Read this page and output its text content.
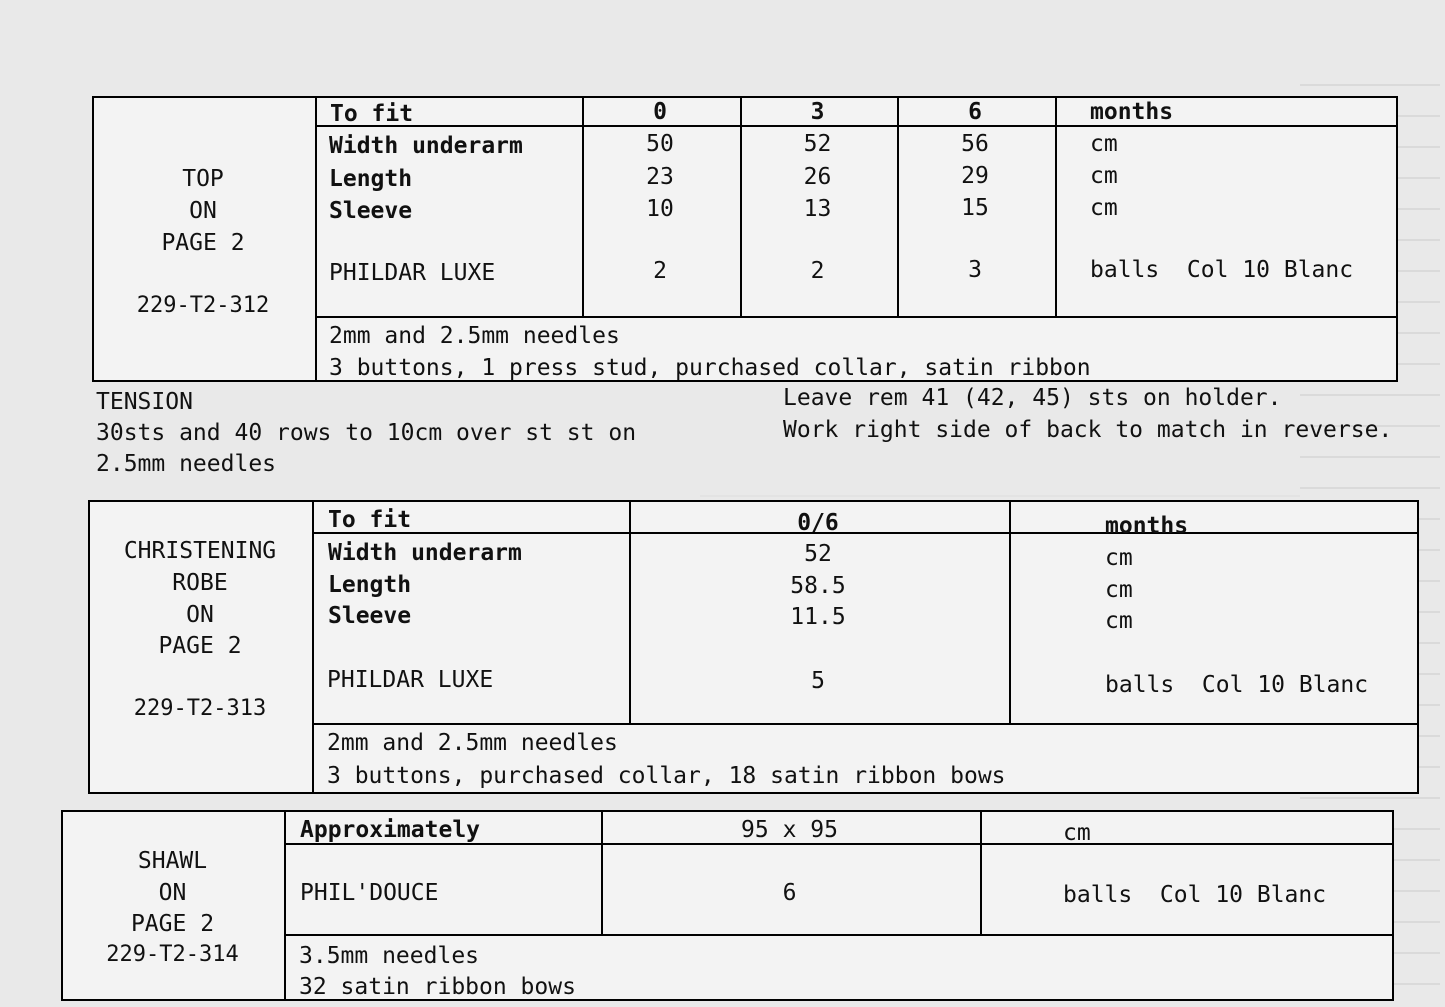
TOP
ON
PAGE 2
229-T2-312
To fit	0	3	6	months
Width underarm	50	52	56	cm
Length	23	26	29	cm
Sleeve	10	13	15	cm
PHILDAR LUXE	2	2	3	balls  Col 10 Blanc
2mm and 2.5mm needles
3 buttons, 1 press stud, purchased collar, satin ribbon
TENSION
30sts and 40 rows to 10cm over st st on
2.5mm needles
Leave rem 41 (42, 45) sts on holder.
Work right side of back to match in reverse.
CHRISTENING
ROBE
ON
PAGE 2
229-T2-313
To fit	0/6	months
Width underarm	52	cm
Length	58.5	cm
Sleeve	11.5	cm
PHILDAR LUXE	5	balls  Col 10 Blanc
2mm and 2.5mm needles
3 buttons, purchased collar, 18 satin ribbon bows
SHAWL
ON
PAGE 2
229-T2-314
Approximately	95 x 95	cm
PHIL'DOUCE	6	balls  Col 10 Blanc
3.5mm needles
32 satin ribbon bows
